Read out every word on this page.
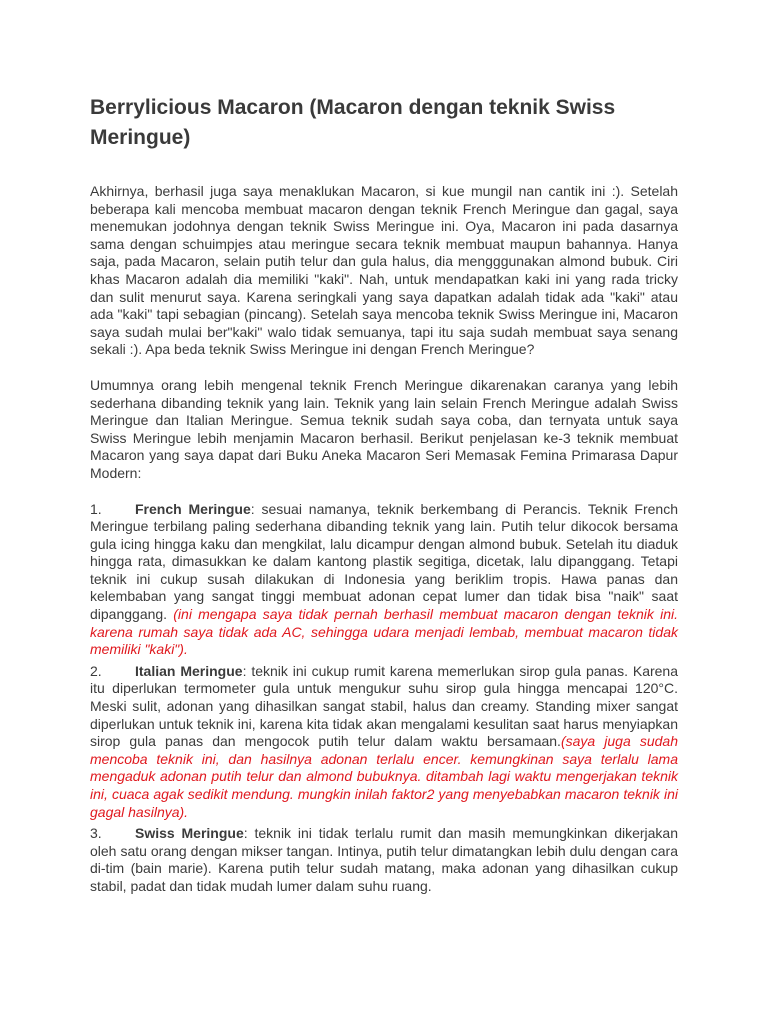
Berrylicious Macaron (Macaron dengan teknik Swiss Meringue)

Akhirnya, berhasil juga saya menaklukan Macaron, si kue mungil nan cantik ini :). Setelah beberapa kali mencoba membuat macaron dengan teknik French Meringue dan gagal, saya menemukan jodohnya dengan teknik Swiss Meringue ini. Oya, Macaron ini pada dasarnya sama dengan schuimpjes atau meringue secara teknik membuat maupun bahannya. Hanya saja, pada Macaron, selain putih telur dan gula halus, dia mengggunakan almond bubuk. Ciri khas Macaron adalah dia memiliki "kaki". Nah, untuk mendapatkan kaki ini yang rada tricky dan sulit menurut saya. Karena seringkali yang saya dapatkan adalah tidak ada "kaki" atau ada "kaki" tapi sebagian (pincang). Setelah saya mencoba teknik Swiss Meringue ini, Macaron saya sudah mulai ber"kaki" walo tidak semuanya, tapi itu saja sudah membuat saya senang sekali :). Apa beda teknik Swiss Meringue ini dengan French Meringue?

Umumnya orang lebih mengenal teknik French Meringue dikarenakan caranya yang lebih sederhana dibanding teknik yang lain. Teknik yang lain selain French Meringue adalah Swiss Meringue dan Italian Meringue. Semua teknik sudah saya coba, dan ternyata untuk saya Swiss Meringue lebih menjamin Macaron berhasil. Berikut penjelasan ke-3 teknik membuat Macaron yang saya dapat dari Buku Aneka Macaron Seri Memasak Femina Primarasa Dapur Modern:

1. French Meringue: sesuai namanya, teknik berkembang di Perancis. Teknik French Meringue terbilang paling sederhana dibanding teknik yang lain. Putih telur dikocok bersama gula icing hingga kaku dan mengkilat, lalu dicampur dengan almond bubuk. Setelah itu diaduk hingga rata, dimasukkan ke dalam kantong plastik segitiga, dicetak, lalu dipanggang. Tetapi teknik ini cukup susah dilakukan di Indonesia yang beriklim tropis. Hawa panas dan kelembaban yang sangat tinggi membuat adonan cepat lumer dan tidak bisa "naik" saat dipanggang. (ini mengapa saya tidak pernah berhasil membuat macaron dengan teknik ini. karena rumah saya tidak ada AC, sehingga udara menjadi lembab, membuat macaron tidak memiliki "kaki").

2. Italian Meringue: teknik ini cukup rumit karena memerlukan sirop gula panas. Karena itu diperlukan termometer gula untuk mengukur suhu sirop gula hingga mencapai 120°C. Meski sulit, adonan yang dihasilkan sangat stabil, halus dan creamy. Standing mixer sangat diperlukan untuk teknik ini, karena kita tidak akan mengalami kesulitan saat harus menyiapkan sirop gula panas dan mengocok putih telur dalam waktu bersamaan.(saya juga sudah mencoba teknik ini, dan hasilnya adonan terlalu encer. kemungkinan saya terlalu lama mengaduk adonan putih telur dan almond bubuknya. ditambah lagi waktu mengerjakan teknik ini, cuaca agak sedikit mendung. mungkin inilah faktor2 yang menyebabkan macaron teknik ini gagal hasilnya).

3. Swiss Meringue: teknik ini tidak terlalu rumit dan masih memungkinkan dikerjakan oleh satu orang dengan mikser tangan. Intinya, putih telur dimatangkan lebih dulu dengan cara di-tim (bain marie). Karena putih telur sudah matang, maka adonan yang dihasilkan cukup stabil, padat dan tidak mudah lumer dalam suhu ruang.
